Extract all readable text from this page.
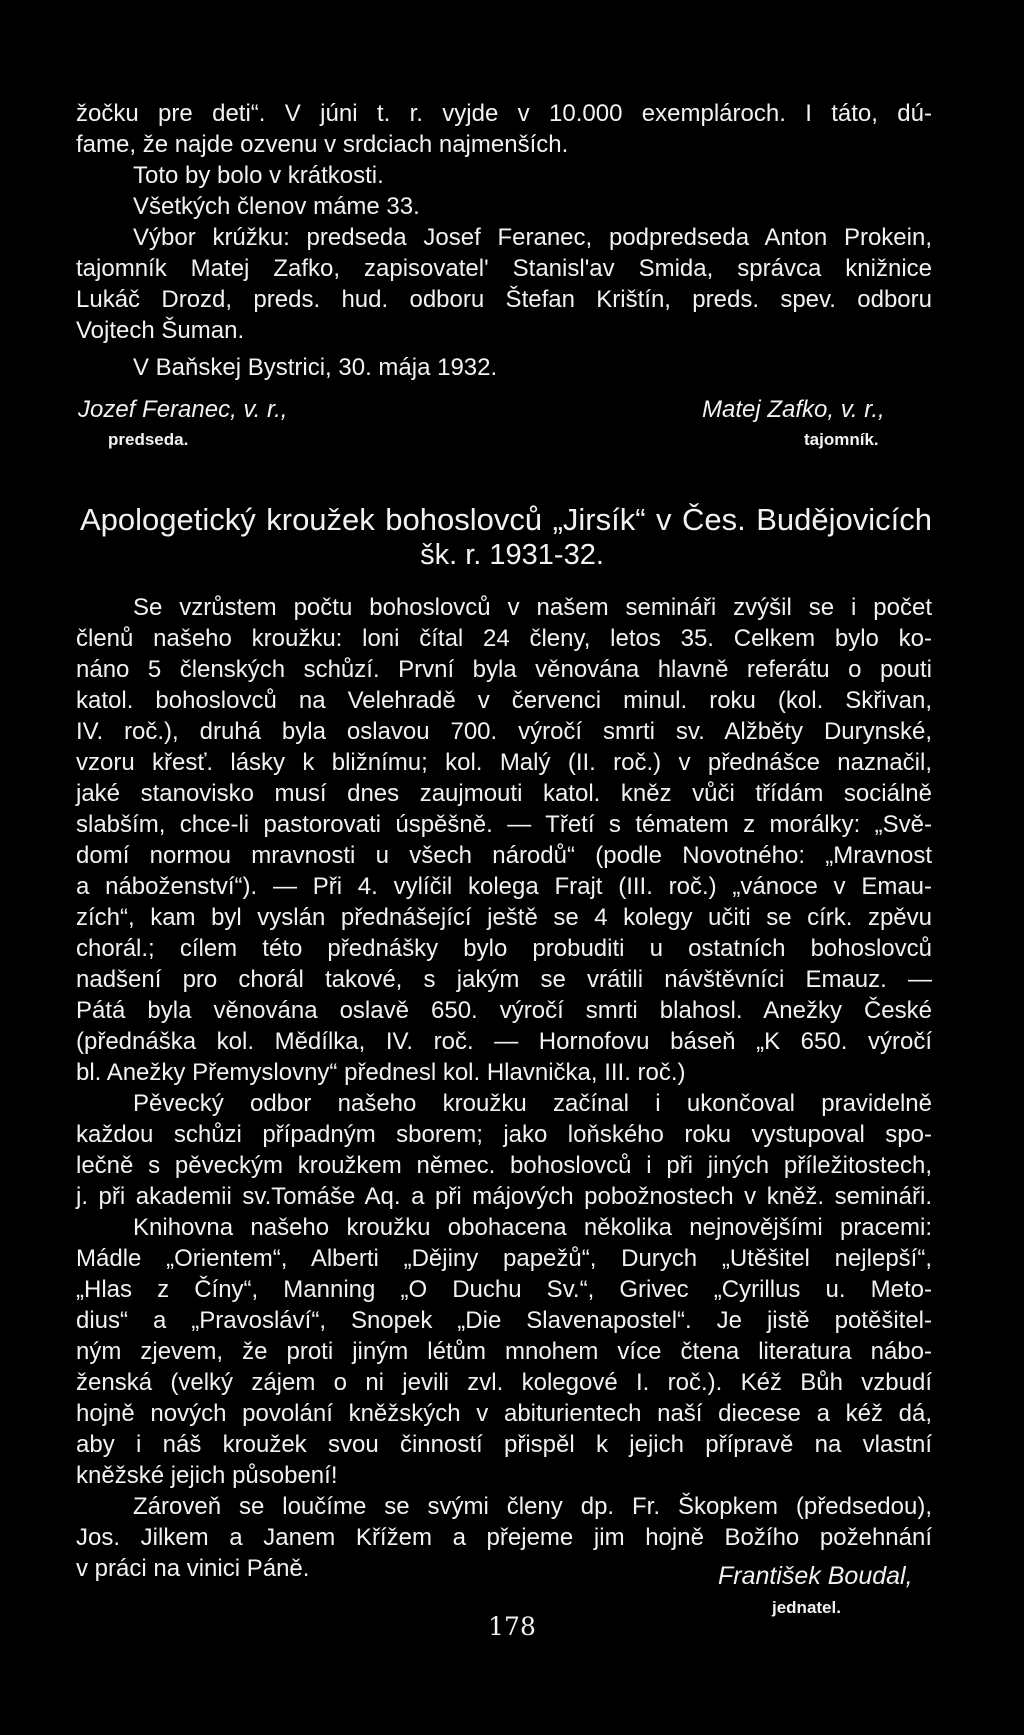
žočku pre deti“. V júni t. r. vyjde v 10.000 exemplároch. I táto, dú-
fame, že najde ozvenu v srdciach najmenších.
Toto by bolo v krátkosti.
Všetkých členov máme 33.
Výbor krúžku: predseda Josef Feranec, podpredseda Anton Prokein,
tajomník Matej Zafko, zapisovatel' Stanisl'av Smida, správca knižnice
Lukáč Drozd, preds. hud. odboru Štefan Krištín, preds. spev. odboru
Vojtech Šuman.
V Baňskej Bystrici, 30. mája 1932.
Jozef Feranec, v. r.,
predseda.
Matej Zafko, v. r.,
tajomník.
Apologetický kroužek bohoslovců „Jirsík“ v Čes. Budějovicích
šk. r. 1931-32.
Se vzrůstem počtu bohoslovců v našem semináři zvýšil se i počet
členů našeho kroužku: loni čítal 24 členy, letos 35. Celkem bylo ko-
náno 5 členských schůzí. První byla věnována hlavně referátu o pouti
katol. bohoslovců na Velehradě v červenci minul. roku (kol. Skřivan,
IV. roč.), druhá byla oslavou 700. výročí smrti sv. Alžběty Durynské,
vzoru křesť. lásky k bližnímu; kol. Malý (II. roč.) v přednášce naznačil,
jaké stanovisko musí dnes zaujmouti katol. kněz vůči třídám sociálně
slabším, chce-li pastorovati úspěšně. — Třetí s tématem z morálky: „Svě-
domí normou mravnosti u všech národů“ (podle Novotného: „Mravnost
a náboženství“). — Při 4. vylíčil kolega Frajt (III. roč.) „vánoce v Emau-
zích“, kam byl vyslán přednášející ještě se 4 kolegy učiti se círk. zpěvu
chorál.; cílem této přednášky bylo probuditi u ostatních bohoslovců
nadšení pro chorál takové, s jakým se vrátili návštěvníci Emauz. —
Pátá byla věnována oslavě 650. výročí smrti blahosl. Anežky České
(přednáška kol. Mědílka, IV. roč. — Hornofovu báseň „K 650. výročí
bl. Anežky Přemyslovny“ přednesl kol. Hlavnička, III. roč.)
Pěvecký odbor našeho kroužku začínal i ukončoval pravidelně
každou schůzi případným sborem; jako loňského roku vystupoval spo-
lečně s pěveckým kroužkem němec. bohoslovců i při jiných příležitostech,
j. při akademii sv.Tomáše Aq. a při májových pobožnostech v kněž. semináři.
Knihovna našeho kroužku obohacena několika nejnovějšími pracemi:
Mádle „Orientem“, Alberti „Dějiny papežů“, Durych „Utěšitel nejlepší“,
„Hlas z Číny“, Manning „O Duchu Sv.“, Grivec „Cyrillus u. Meto-
dius“ a „Pravosláví“, Snopek „Die Slavenapostel“. Je jistě potěšitel-
ným zjevem, že proti jiným létům mnohem více čtena literatura nábo-
ženská (velký zájem o ni jevili zvl. kolegové I. roč.). Kéž Bůh vzbudí
hojně nových povolání kněžských v abiturientech naší diecese a kéž dá,
aby i náš kroužek svou činností přispěl k jejich přípravě na vlastní
kněžské jejich působení!
Zároveň se loučíme se svými členy dp. Fr. Škopkem (předsedou),
Jos. Jilkem a Janem Křížem a přejeme jim hojně Božího požehnání
v práci na vinici Páně.	František Boudal,
jednatel.
178
